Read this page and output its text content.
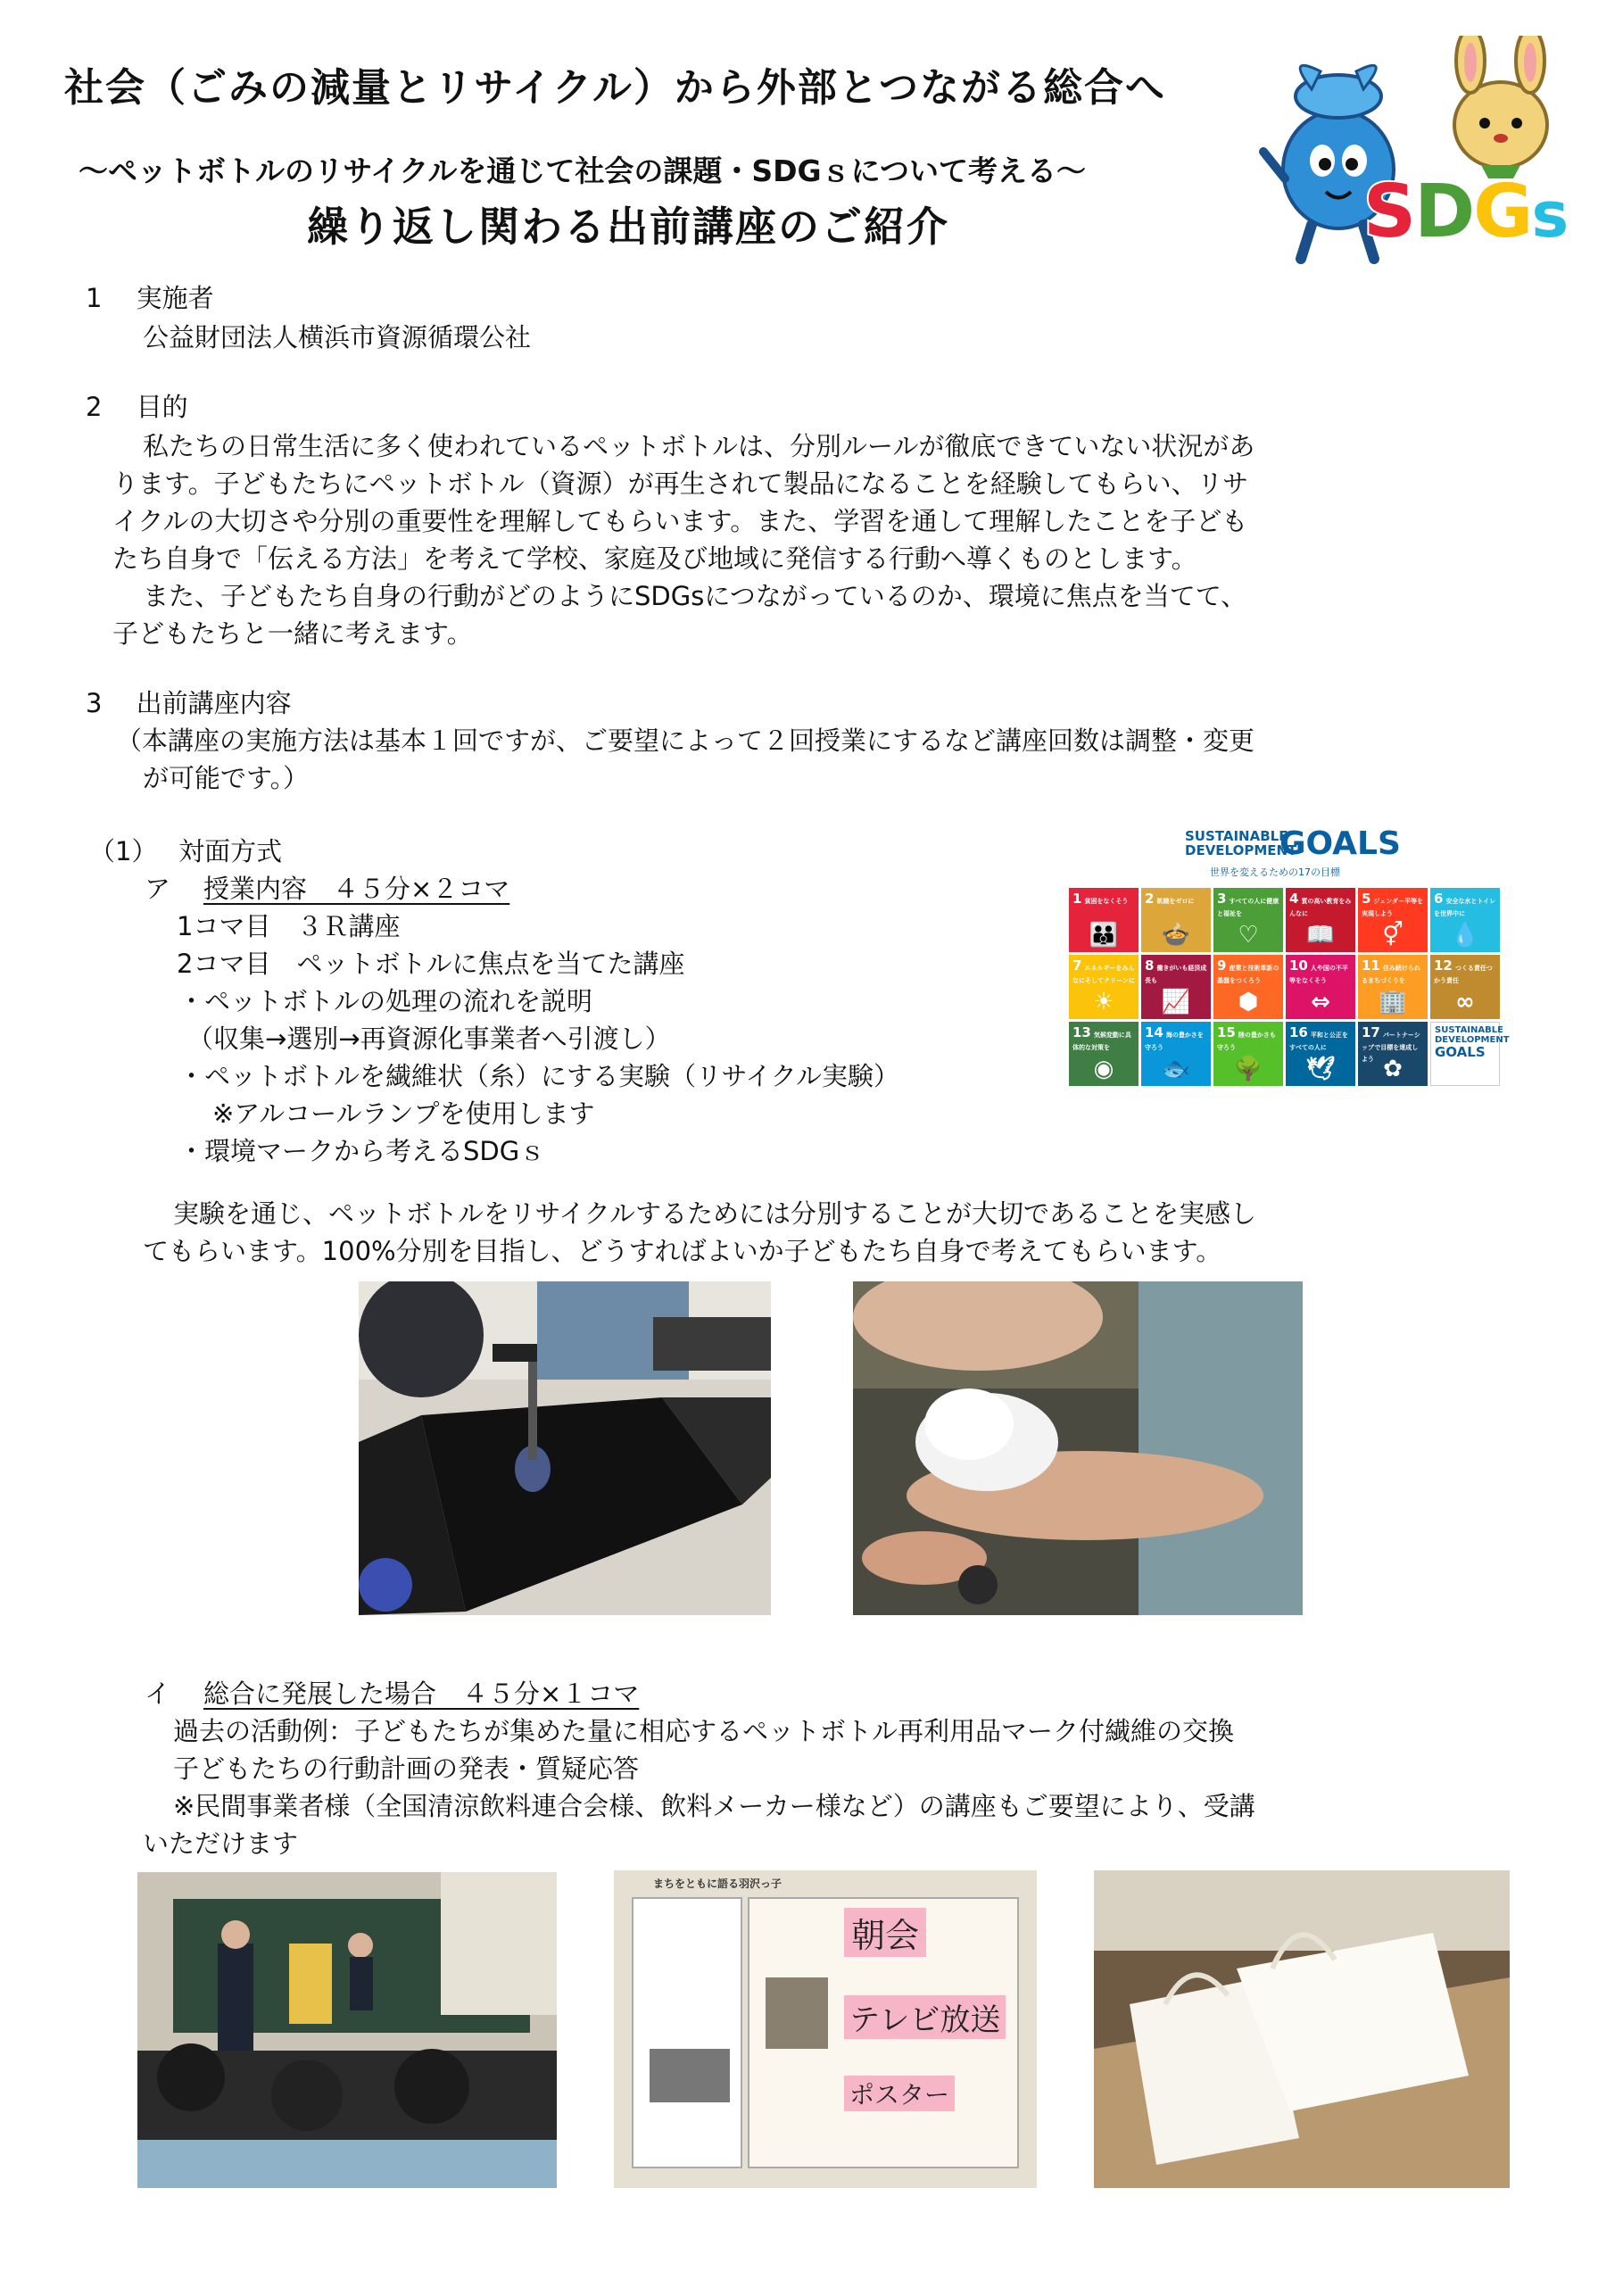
社会（ごみの減量とリサイクル）から外部とつながる総合へ
～ペットボトルのリサイクルを通じて社会の課題・SDGｓについて考える～
繰り返し関わる出前講座のご紹介	SDGs
1　 実施者
公益財団法人横浜市資源循環公社
2　 目的
私たちの日常生活に多く使われているペットボトルは、分別ルールが徹底できていない状況があ
ります。子どもたちにペットボトル（資源）が再生されて製品になることを経験してもらい、リサ
イクルの大切さや分別の重要性を理解してもらいます。また、学習を通して理解したことを子ども
たち自身で「伝える方法」を考えて学校、家庭及び地域に発信する行動へ導くものとします。
また、子どもたち自身の行動がどのようにSDGsにつながっているのか、環境に焦点を当てて、
子どもたちと一緒に考えます。
3　 出前講座内容
（本講座の実施方法は基本１回ですが、ご要望によって２回授業にするなど講座回数は調整・変更
が可能です。）
（1）　 対面方式
ア 授業内容　４５分×２コマ
1コマ目　３Ｒ講座
2コマ目　ペットボトルに焦点を当てた講座
・ペットボトルの処理の流れを説明
（収集→選別→再資源化事業者へ引渡し）
・ペットボトルを繊維状（糸）にする実験（リサイクル実験）
※アルコールランプを使用します
・環境マークから考えるSDGｓ
SUSTAINABLE
DEVELOPMENT
GOALS
世界を変えるための17の目標
1 貧困をなくそう
👪
2 飢餓をゼロに
🍲
3 すべての人に健康と福祉を
♡
4 質の高い教育をみんなに
📖
5 ジェンダー平等を実現しよう
⚥
6 安全な水とトイレを世界中に
💧
7 エネルギーをみんなにそしてクリーンに
☀
8 働きがいも経済成長も
📈
9 産業と技術革新の基盤をつくろう
⬢
10 人や国の不平等をなくそう
⇔
11 住み続けられるまちづくりを
🏢
12 つくる責任つかう責任
∞
13 気候変動に具体的な対策を
◉
14 海の豊かさを守ろう
🐟
15 陸の豊かさも守ろう
🌳
16 平和と公正をすべての人に
🕊
17 パートナーシップで目標を達成しよう ✿
SUSTAINABLE
DEVELOPMENT
GOALS
実験を通じ、ペットボトルをリサイクルするためには分別することが大切であることを実感し
てもらいます。100%分別を目指し、どうすればよいか子どもたち自身で考えてもらいます。
イ 総合に発展した場合　４５分×１コマ
過去の活動例：子どもたちが集めた量に相応するペットボトル再利用品マーク付繊維の交換
子どもたちの行動計画の発表・質疑応答
※民間事業者様（全国清涼飲料連合会様、飲料メーカー様など）の講座もご要望により、受講
いただけます
まちをともに語る羽沢っ子
朝会
テレビ放送
ポスター
